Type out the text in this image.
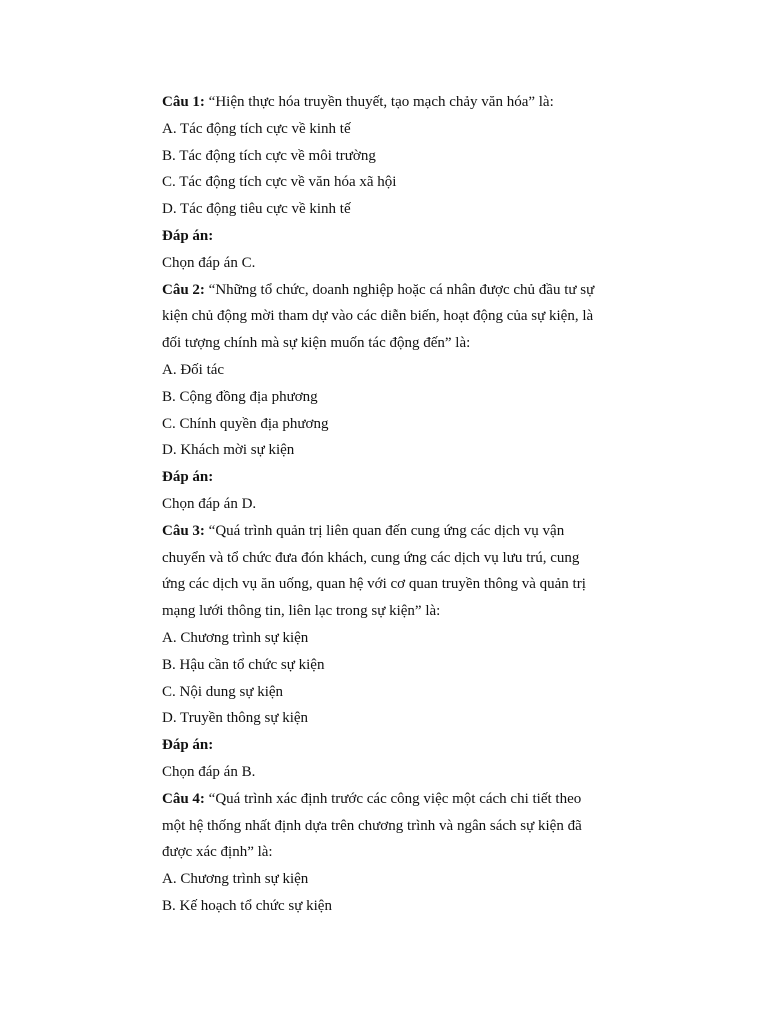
Câu 1: “Hiện thực hóa truyền thuyết, tạo mạch chảy văn hóa” là:
A. Tác động tích cực về kinh tế
B. Tác động tích cực về môi trường
C. Tác động tích cực về văn hóa xã hội
D. Tác động tiêu cực về kinh tế
Đáp án:
Chọn đáp án C.
Câu 2: “Những tổ chức, doanh nghiệp hoặc cá nhân được chủ đầu tư sự
kiện chủ động mời tham dự vào các diễn biến, hoạt động của sự kiện, là
đối tượng chính mà sự kiện muốn tác động đến” là:
A. Đối tác
B. Cộng đồng địa phương
C. Chính quyền địa phương
D. Khách mời sự kiện
Đáp án:
Chọn đáp án D.
Câu 3: “Quá trình quản trị liên quan đến cung ứng các dịch vụ vận
chuyển và tổ chức đưa đón khách, cung ứng các dịch vụ lưu trú, cung
ứng các dịch vụ ăn uống, quan hệ với cơ quan truyền thông và quản trị
mạng lưới thông tin, liên lạc trong sự kiện” là:
A. Chương trình sự kiện
B. Hậu cần tổ chức sự kiện
C. Nội dung sự kiện
D. Truyền thông sự kiện
Đáp án:
Chọn đáp án B.
Câu 4: “Quá trình xác định trước các công việc một cách chi tiết theo
một hệ thống nhất định dựa trên chương trình và ngân sách sự kiện đã
được xác định” là:
A. Chương trình sự kiện
B. Kế hoạch tổ chức sự kiện
